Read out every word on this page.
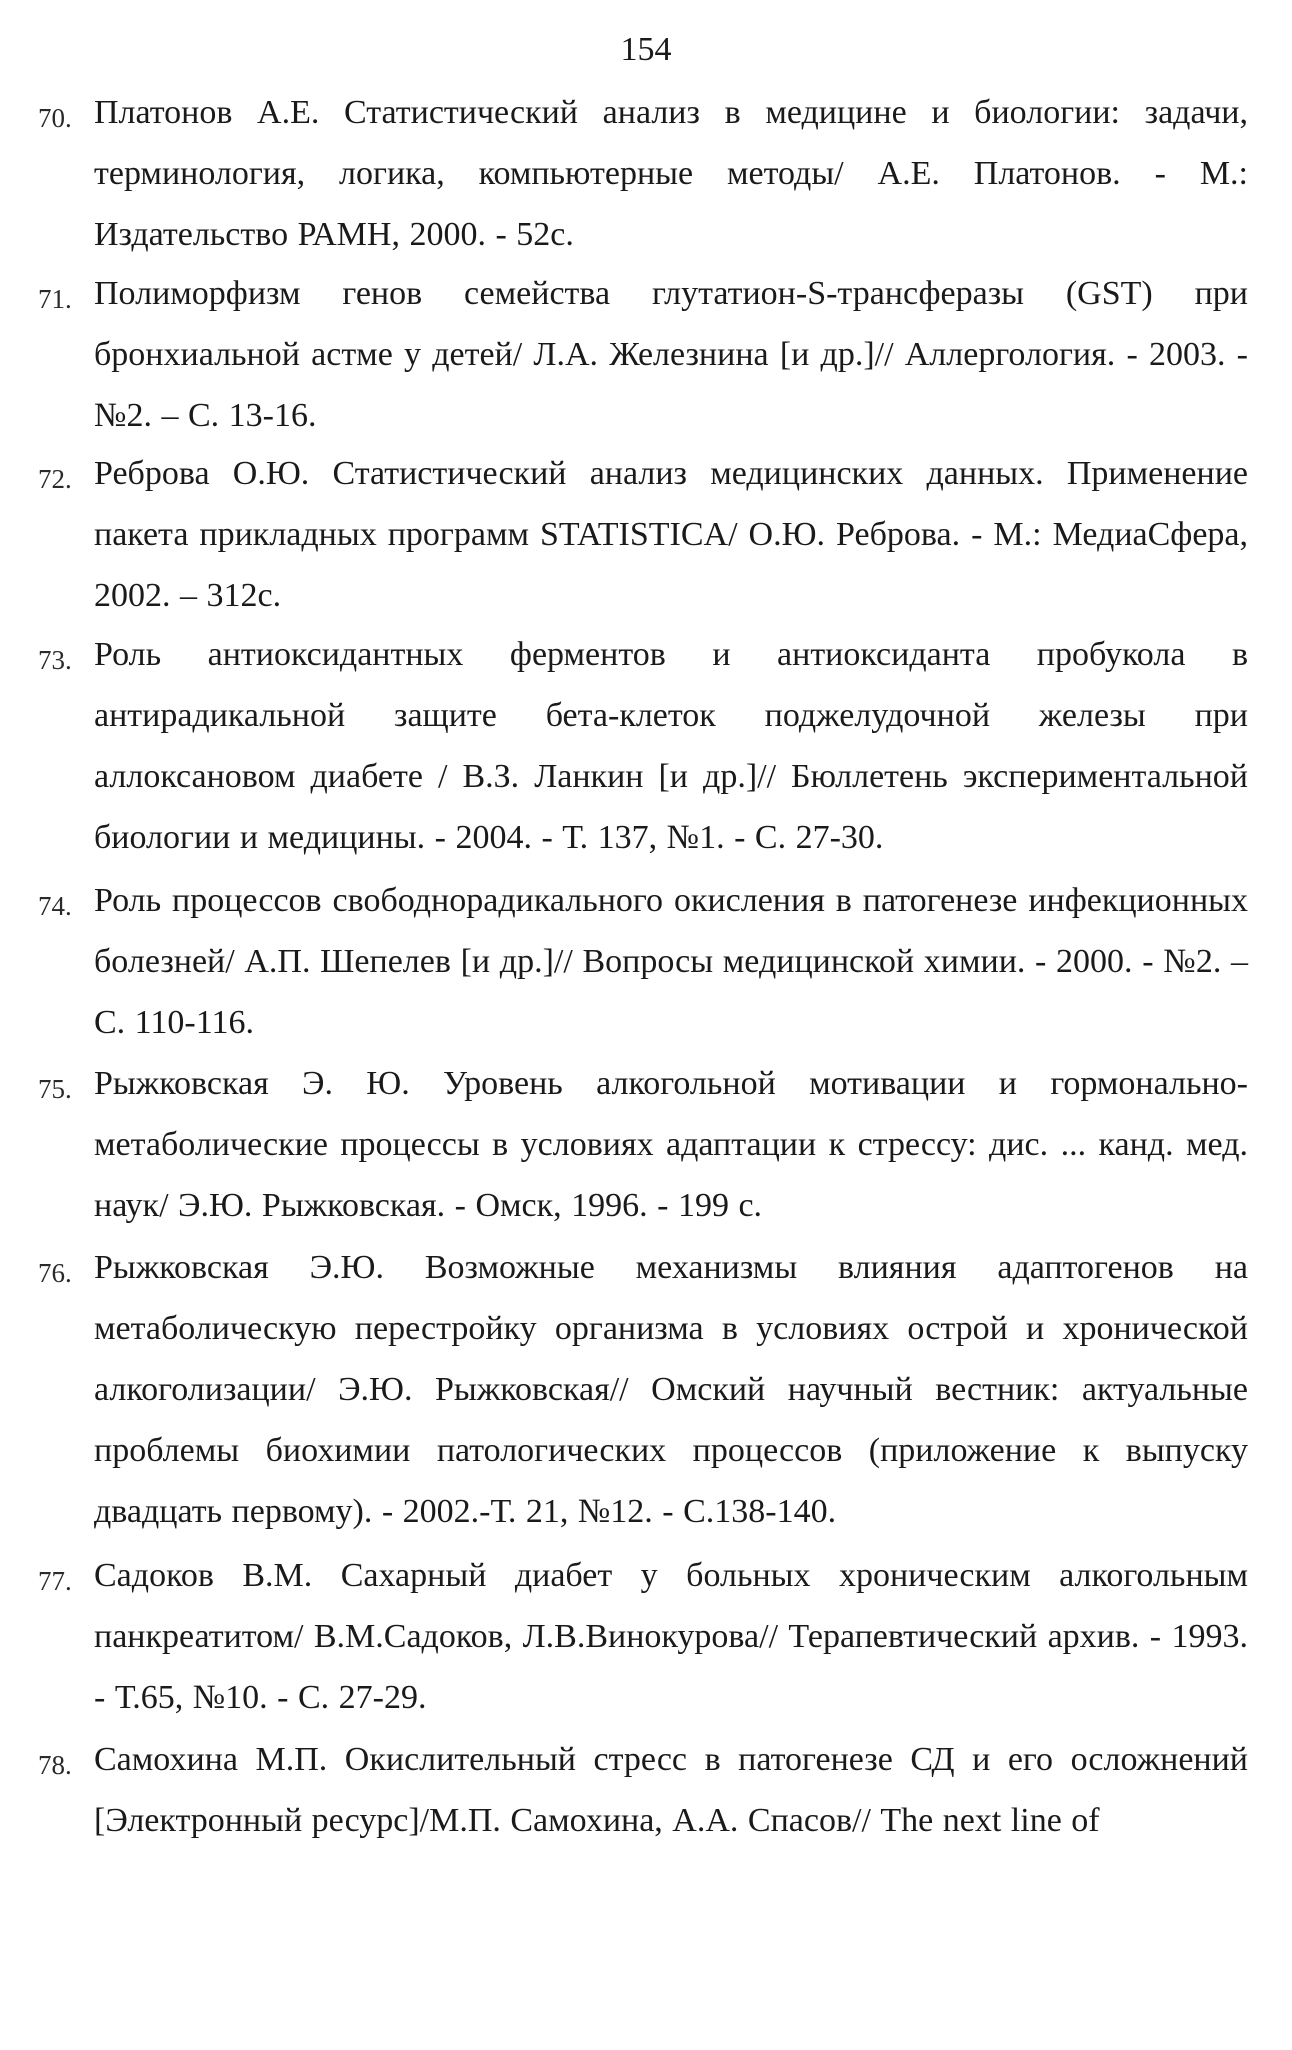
154
70. Платонов А.Е. Статистический анализ в медицине и биологии: задачи, терминология, логика, компьютерные методы/ А.Е. Платонов. - М.: Издательство РАМН, 2000. - 52с.
71. Полиморфизм генов семейства глутатион-S-трансферазы (GST) при бронхиальной астме у детей/ Л.А. Железнина [и др.]// Аллергология. - 2003. - №2. – С. 13-16.
72. Реброва О.Ю. Статистический анализ медицинских данных. Применение пакета прикладных программ STATISTICA/ О.Ю. Реброва. - М.: МедиаСфера, 2002. – 312с.
73. Роль антиоксидантных ферментов и антиоксиданта пробукола в антирадикальной защите бета-клеток поджелудочной железы при аллоксановом диабете / В.З. Ланкин [и др.]// Бюллетень экспериментальной биологии и медицины. - 2004. - Т. 137, №1. - С. 27-30.
74. Роль процессов свободнорадикального окисления в патогенезе инфекционных болезней/ А.П. Шепелев [и др.]// Вопросы медицинской химии. - 2000. - №2. – С. 110-116.
75. Рыжковская Э. Ю. Уровень алкогольной мотивации и гормонально-метаболические процессы в условиях адаптации к стрессу: дис. ... канд. мед. наук/ Э.Ю. Рыжковская. - Омск, 1996. - 199 с.
76. Рыжковская Э.Ю. Возможные механизмы влияния адаптогенов на метаболическую перестройку организма в условиях острой и хронической алкоголизации/ Э.Ю. Рыжковская// Омский научный вестник: актуальные проблемы биохимии патологических процессов (приложение к выпуску двадцать первому). - 2002.-Т. 21, №12. - С.138-140.
77. Садоков В.М. Сахарный диабет у больных хроническим алкогольным панкреатитом/ В.М.Садоков, Л.В.Винокурова// Терапевтический архив. - 1993. - Т.65, №10. - С. 27-29.
78. Самохина М.П. Окислительный стресс в патогенезе СД и его осложнений [Электронный ресурс]/М.П. Самохина, А.А. Спасов// The next line of
